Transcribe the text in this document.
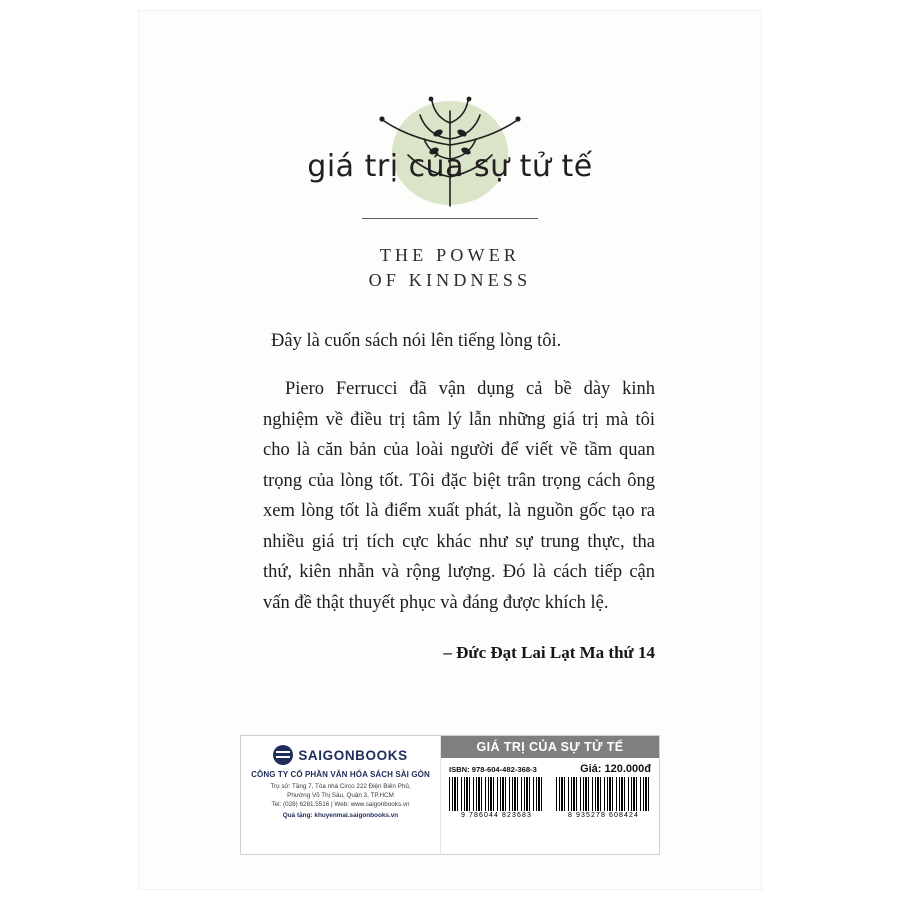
giá trị của sự tử tế
THE POWER
OF KINDNESS

Đây là cuốn sách nói lên tiếng lòng tôi.

Piero Ferrucci đã vận dụng cả bề dày kinh nghiệm về điều trị tâm lý lẫn những giá trị mà tôi cho là căn bản của loài người để viết về tầm quan trọng của lòng tốt. Tôi đặc biệt trân trọng cách ông xem lòng tốt là điểm xuất phát, là nguồn gốc tạo ra nhiều giá trị tích cực khác như sự trung thực, tha thứ, kiên nhẫn và rộng lượng. Đó là cách tiếp cận vấn đề thật thuyết phục và đáng được khích lệ.

– Đức Đạt Lai Lạt Ma thứ 14
SAIGONBOOKS
CÔNG TY CỔ PHẦN VĂN HÓA SÁCH SÀI GÒN
Trụ sở: Tầng 7, Tòa nhà Circo 222 Điện Biên Phủ,
Phường Võ Thị Sáu, Quận 3, TP.HCM
Tel: (028) 6281.5516 | Web: www.saigonbooks.vn
Quà tặng: khuyenmai.saigonbooks.vn
GIÁ TRỊ CỦA SỰ TỬ TẾ
ISBN: 978-604-482-368-3	Giá: 120.000đ
9 786044 823683	8 935278 608424
